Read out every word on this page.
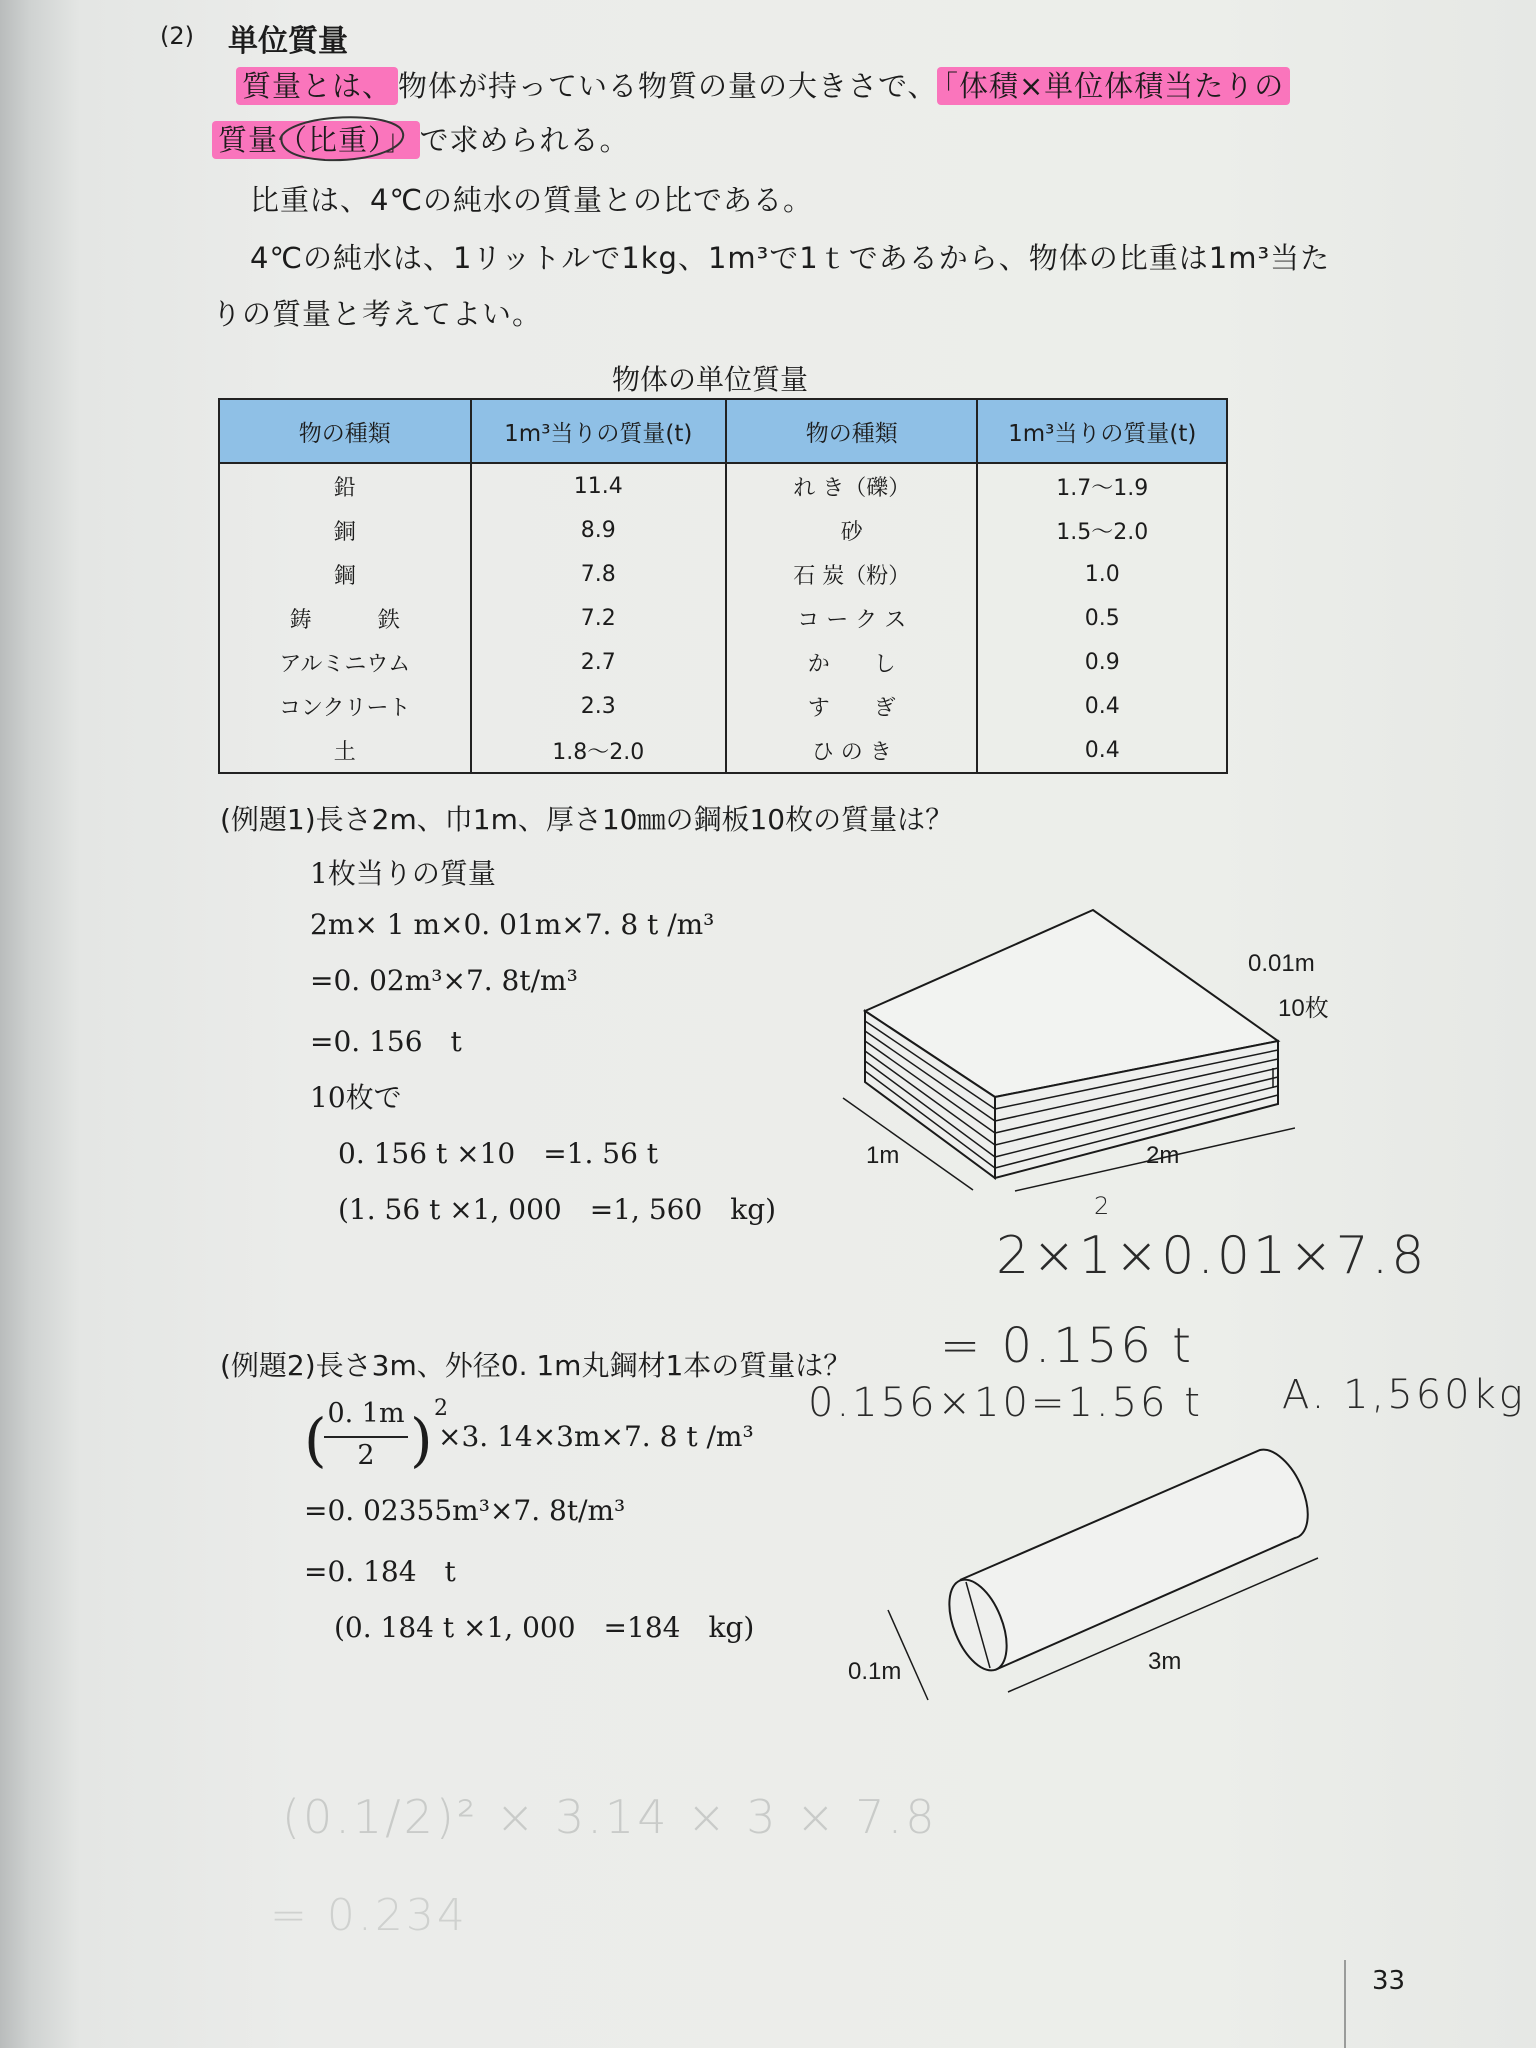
(2) 単位質量
質量とは、 物体が持っている物質の量の大きさで、 「体積×単位体積当たりの
質量（比重）」 で求められる。
比重は、4℃の純水の質量との比である。
4℃の純水は、1リットルで1kg、1m³で1ｔであるから、物体の比重は1m³当た
りの質量と考えてよい。
物体の単位質量
物の種類	1m³当りの質量(t)	物の種類	1m³当りの質量(t)
鉛	11.4	れ き（礫）	1.7〜1.9
銅	8.9	砂	1.5〜2.0
鋼	7.8	石 炭（粉）	1.0
鋳　　　鉄	7.2	コ ー ク ス	0.5
アルミニウム	2.7	か　　し	0.9
コンクリート	2.3	す　　ぎ	0.4
土	1.8〜2.0	ひ の き	0.4
(例題1)長さ2m、巾1m、厚さ10㎜の鋼板10枚の質量は？
1枚当りの質量
2m× 1 m×0. 01m×7. 8 t /m³
=0. 02m³×7. 8t/m³
=0. 156　t
10枚で
0. 156 t ×10　=1. 56 t
(1. 56 t ×1, 000　=1, 560　kg)
0.01m
10枚
1m	2m
2
2×1×0.01×7.8
= 0.156 t
0.156×10=1.56 t A. 1,560kg
(例題2)長さ3m、外径0. 1m丸鋼材1本の質量は？
( 0. 1m
2 ) 2
×3. 14×3m×7. 8 t /m³
=0. 02355m³×7. 8t/m³
=0. 184　t
(0. 184 t ×1, 000　=184　kg)
0.1m	3m
(0.1/2)² × 3.14 × 3 × 7.8
= 0.234
33
